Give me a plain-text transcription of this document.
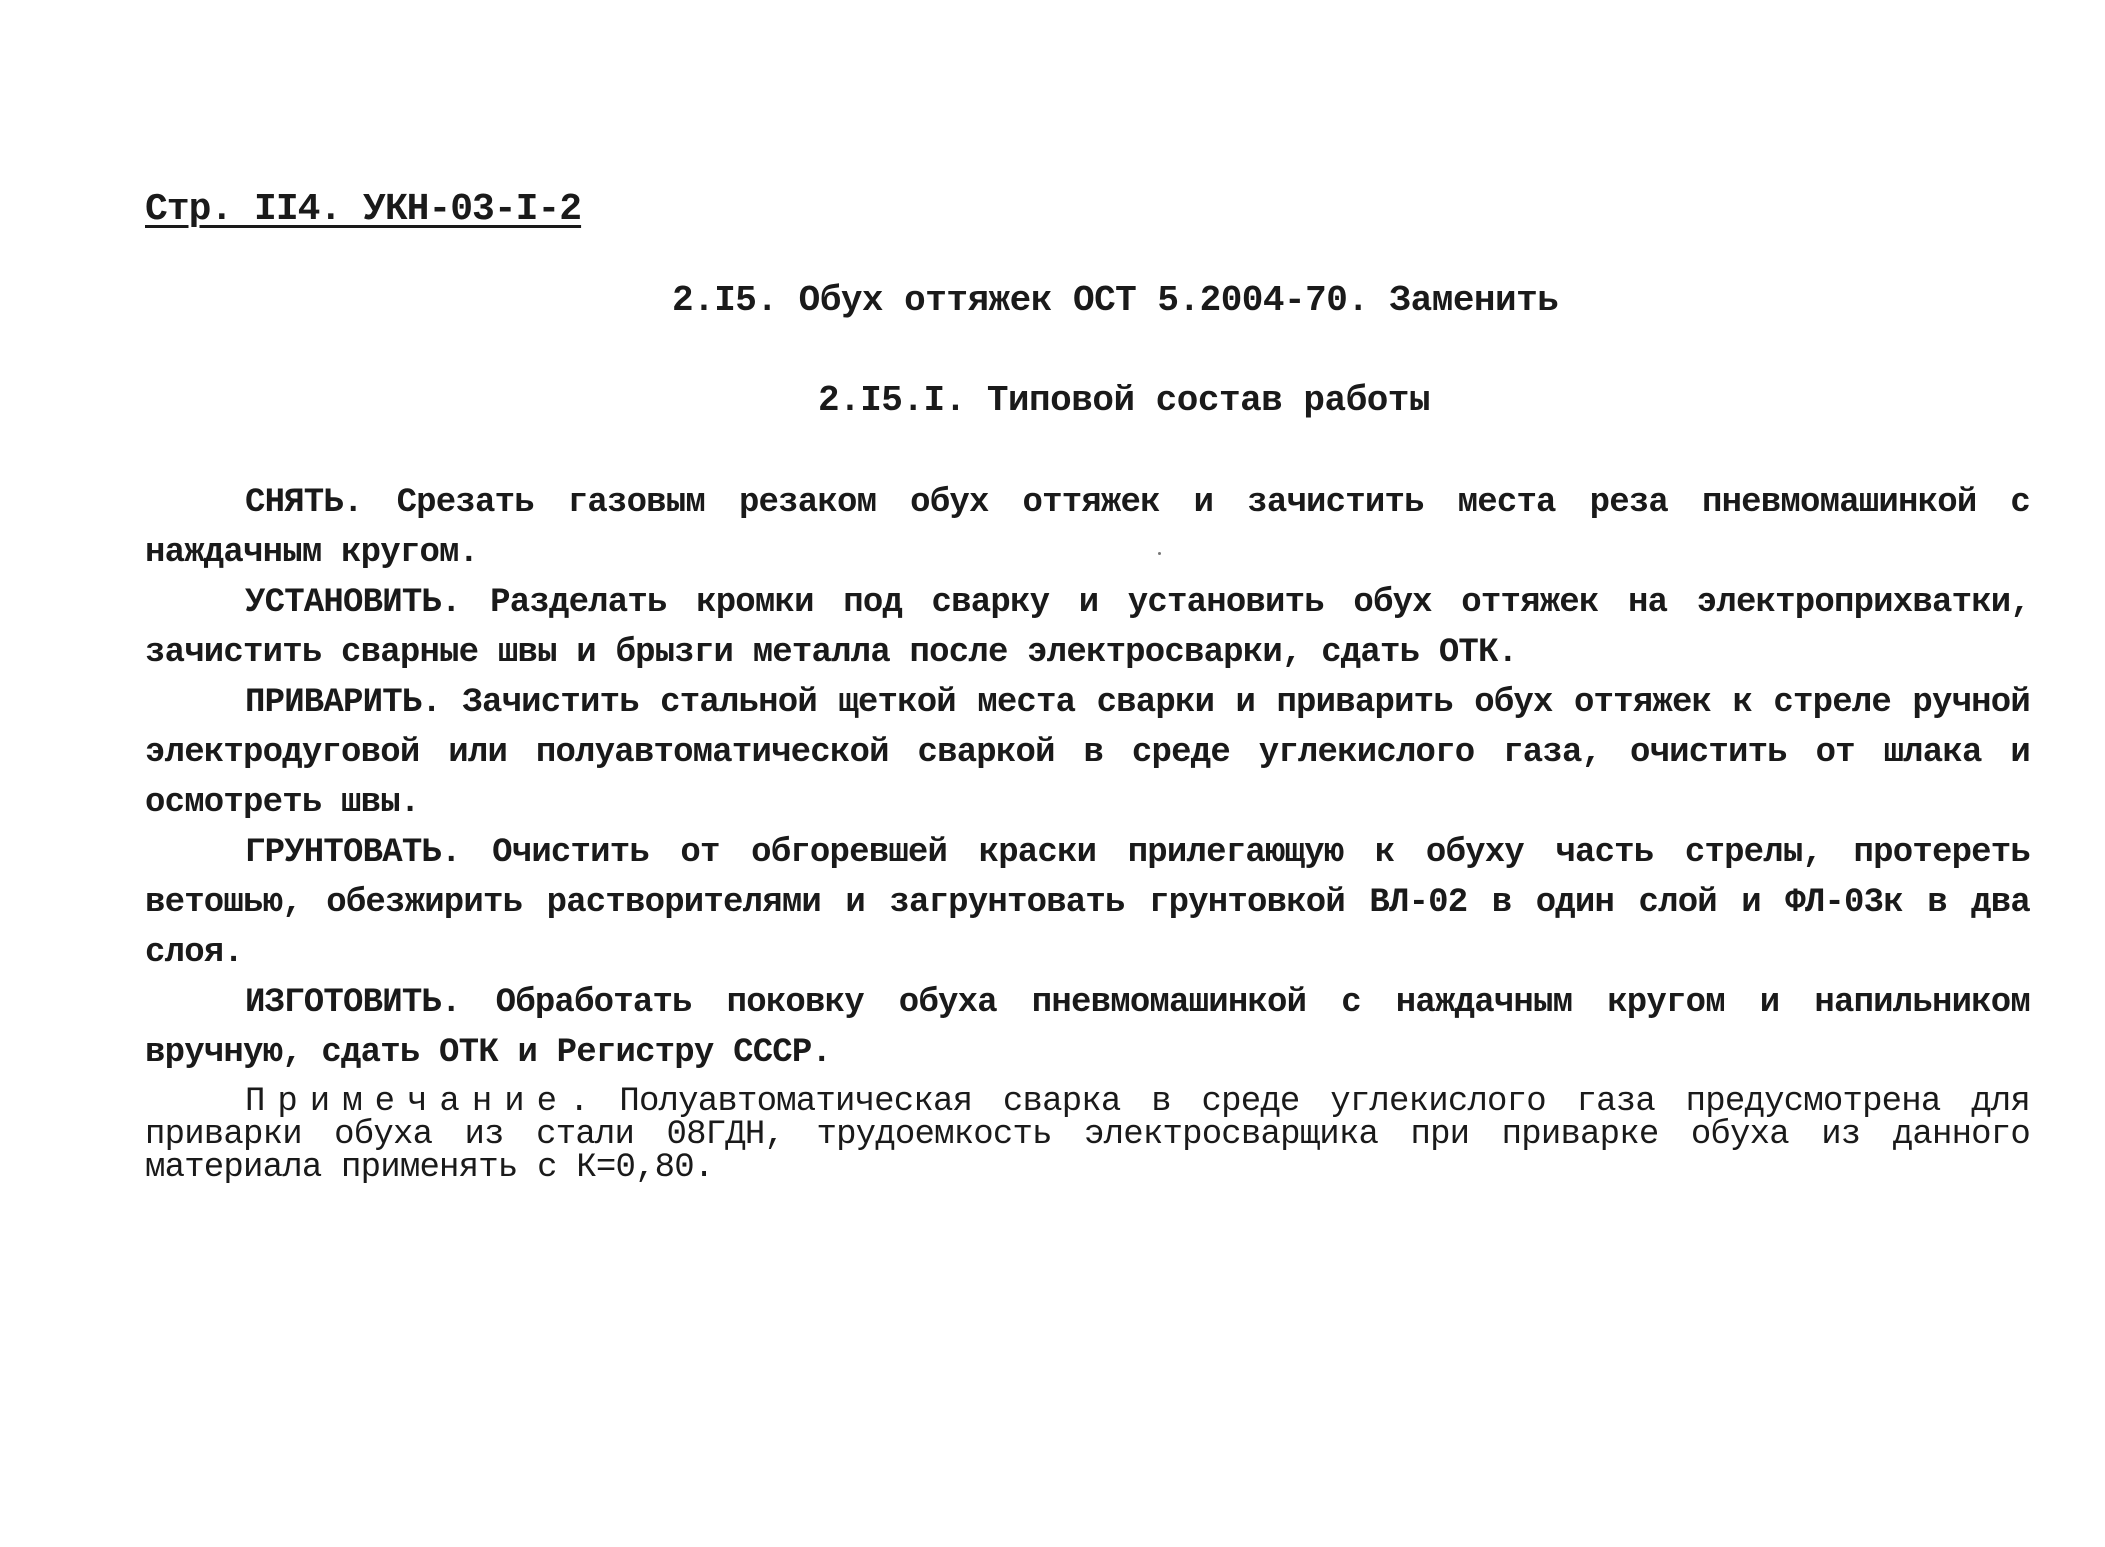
Стр. II4. УКН-03-I-2
2.I5. Обух оттяжек ОСТ 5.2004-70. Заменить
2.I5.I. Типовой состав работы

СНЯТЬ. Срезать газовым резаком обух оттяжек и зачистить места реза пневмомашинкой с наждачным кругом.

УСТАНОВИТЬ. Разделать кромки под сварку и установить обух оттяжек на электроприхватки, зачистить сварные швы и брызги металла после электросварки, сдать ОТК.

ПРИВАРИТЬ. Зачистить стальной щеткой места сварки и приварить обух оттяжек к стреле ручной электродуговой или полуавтоматической сваркой в среде углекислого газа, очистить от шлака и осмотреть швы.

ГРУНТОВАТЬ. Очистить от обгоревшей краски прилегающую к обуху часть стрелы, протереть ветошью, обезжирить растворителями и загрунтовать грунтовкой ВЛ-02 в один слой и ФЛ-03к в два слоя.

ИЗГОТОВИТЬ. Обработать поковку обуха пневмомашинкой с наждачным кругом и напильником вручную, сдать ОТК и Регистру СССР.

Примечание. Полуавтоматическая сварка в среде углекислого газа предусмотрена для приварки обуха из стали 08ГДН, трудоемкость электросварщика при приварке обуха из данного материала применять с К=0,80.
